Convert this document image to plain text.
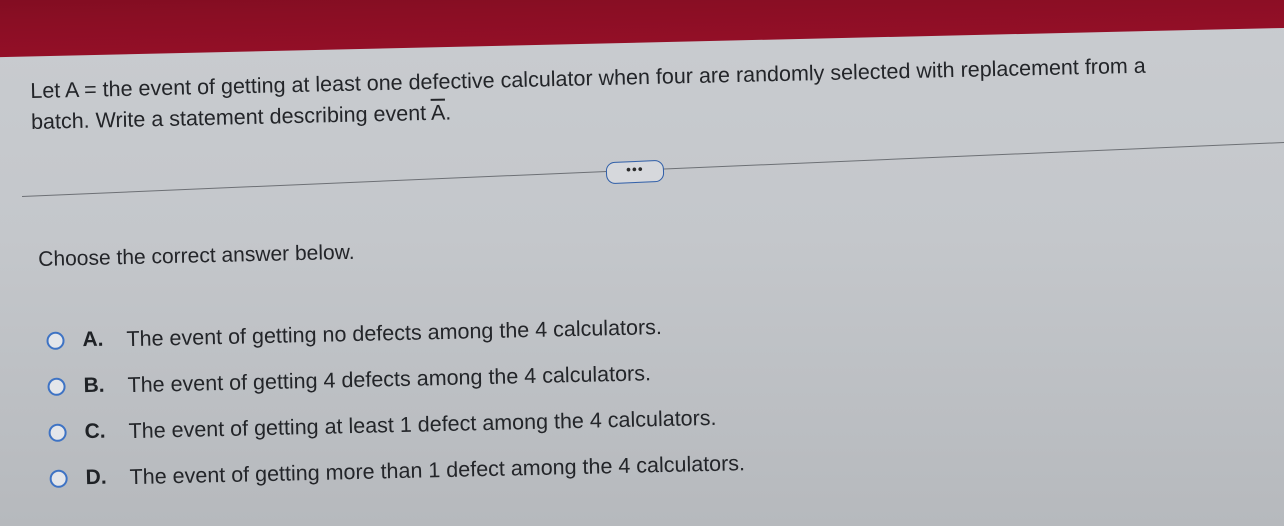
Let A = the event of getting at least one defective calculator when four are randomly selected with replacement from a
batch. Write a statement describing event $\overline{A}$.
•••
Choose the correct answer below.
A.	The event of getting no defects among the 4 calculators.
B.	The event of getting 4 defects among the 4 calculators.
C.	The event of getting at least 1 defect among the 4 calculators.
D.	The event of getting more than 1 defect among the 4 calculators.
